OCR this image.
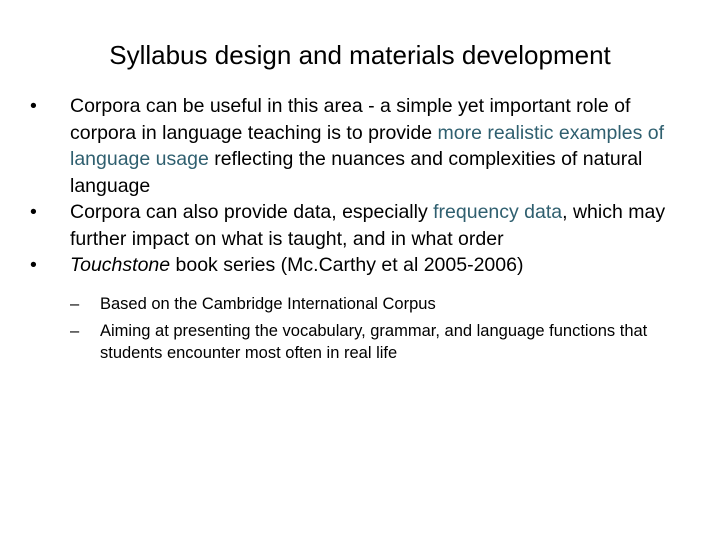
Syllabus design and materials development

•	Corpora can be useful in this area - a simple yet important role of corpora in language teaching is to provide more realistic examples of language usage reflecting the nuances and complexities of natural language

•	Corpora can also provide data, especially frequency data, which may further impact on what is taught, and in what order

•	Touchstone book series (Mc.Carthy et al 2005-2006)

– Based on the Cambridge International Corpus

– Aiming at presenting the vocabulary, grammar, and language functions that students encounter most often in real life
